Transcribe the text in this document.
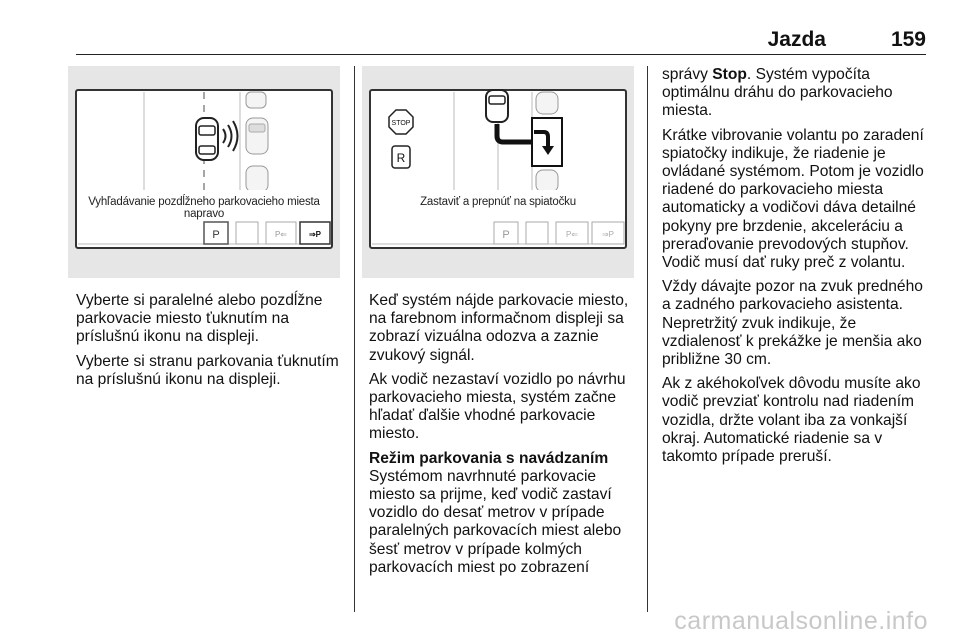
Jazda	159
P	P⇐	⇒P
Vyhľadávanie pozdĺžneho parkovacieho miesta napravo
STOP
R
P	P⇐	⇒P
Zastaviť a prepnúť na spiatočku

Vyberte si paralelné alebo pozdĺžne parkovacie miesto ťuknutím na príslušnú ikonu na displeji.

Vyberte si stranu parkovania ťuknutím na príslušnú ikonu na displeji.

Keď systém nájde parkovacie miesto, na farebnom informačnom displeji sa zobrazí vizuálna odozva a zaznie zvukový signál.

Ak vodič nezastaví vozidlo po návrhu parkovacieho miesta, systém začne hľadať ďalšie vhodné parkovacie miesto.

Režim parkovania s navádzaním

Systémom navrhnuté parkovacie miesto sa prijme, keď vodič zastaví vozidlo do desať metrov v prípade paralelných parkovacích miest alebo šesť metrov v prípade kolmých parkovacích miest po zobrazení

správy Stop. Systém vypočíta optimálnu dráhu do parkovacieho miesta.

Krátke vibrovanie volantu po zaradení spiatočky indikuje, že riadenie je ovládané systémom. Potom je vozidlo riadené do parkovacieho miesta automaticky a vodičovi dáva detailné pokyny pre brzdenie, akceleráciu a preraďovanie prevodových stupňov. Vodič musí dať ruky preč z volantu.

Vždy dávajte pozor na zvuk predného a zadného parkovacieho asistenta. Nepretržitý zvuk indikuje, že vzdialenosť k prekážke je menšia ako približne 30 cm.

Ak z akéhokoľvek dôvodu musíte ako vodič prevziať kontrolu nad riadením vozidla, držte volant iba za vonkajší okraj. Automatické riadenie sa v takomto prípade preruší.

carmanualsonline.info
